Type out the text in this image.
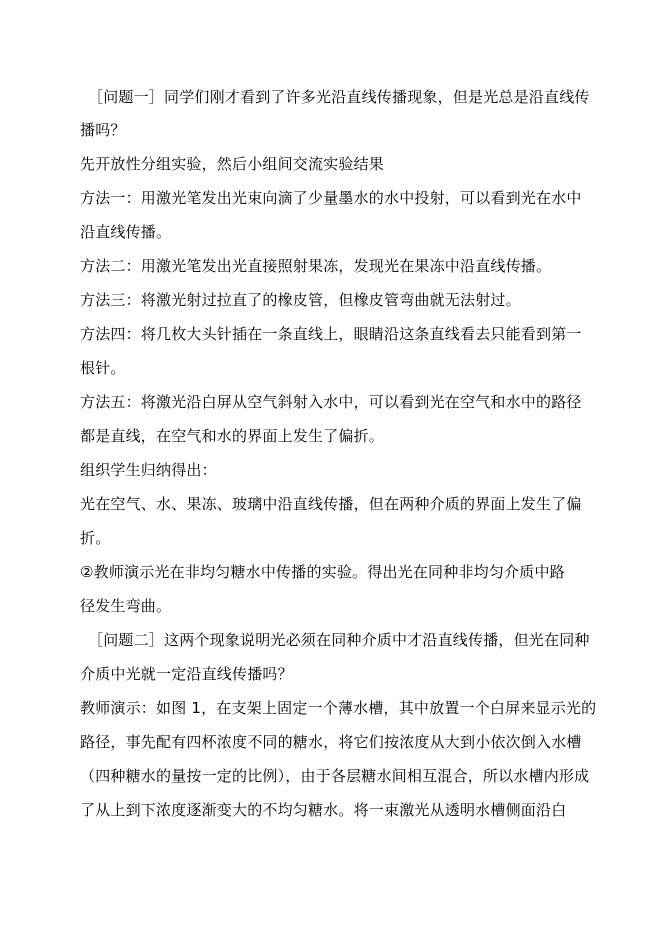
［问题一］同学们刚才看到了许多光沿直线传播现象，但是光总是沿直线传
播吗？
先开放性分组实验，然后小组间交流实验结果
方法一：用激光笔发出光束向滴了少量墨水的水中投射，可以看到光在水中
沿直线传播。
方法二：用激光笔发出光直接照射果冻，发现光在果冻中沿直线传播。
方法三：将激光射过拉直了的橡皮管，但橡皮管弯曲就无法射过。
方法四：将几枚大头针插在一条直线上，眼睛沿这条直线看去只能看到第一
根针。
方法五：将激光沿白屏从空气斜射入水中，可以看到光在空气和水中的路径
都是直线，在空气和水的界面上发生了偏折。
组织学生归纳得出：
光在空气、水、果冻、玻璃中沿直线传播，但在两种介质的界面上发生了偏
折。
②教师演示光在非均匀糖水中传播的实验。得出光在同种非均匀介质中路
径发生弯曲。
［问题二］这两个现象说明光必须在同种介质中才沿直线传播，但光在同种
介质中光就一定沿直线传播吗？
教师演示：如图 1，在支架上固定一个薄水槽，其中放置一个白屏来显示光的
路径，事先配有四杯浓度不同的糖水，将它们按浓度从大到小依次倒入水槽
（四种糖水的量按一定的比例），由于各层糖水间相互混合，所以水槽内形成
了从上到下浓度逐渐变大的不均匀糖水。将一束激光从透明水槽侧面沿白
